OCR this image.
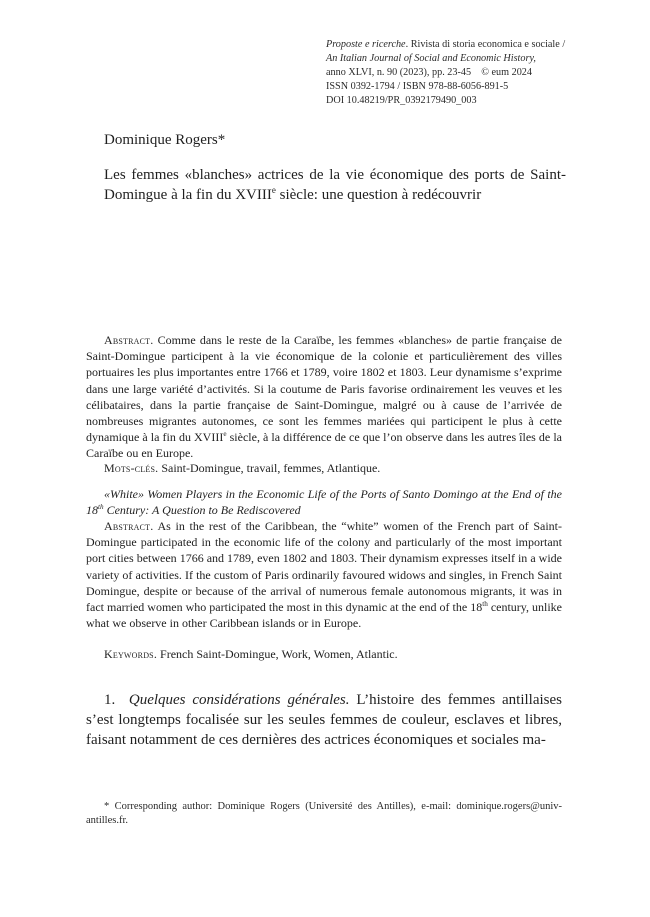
Proposte e ricerche. Rivista di storia economica e sociale /
An Italian Journal of Social and Economic History,
anno XLVI, n. 90 (2023), pp. 23-45    © eum 2024
ISSN 0392-1794 / ISBN 978-88-6056-891-5
DOI 10.48219/PR_0392179490_003
Dominique Rogers*
Les femmes «blanches» actrices de la vie économique des ports de Saint-Domingue à la fin du XVIIIe siècle: une question à redécouvrir
Abstract. Comme dans le reste de la Caraïbe, les femmes «blanches» de partie française de Saint-Domingue participent à la vie économique de la colonie et particulièrement des villes portuaires les plus importantes entre 1766 et 1789, voire 1802 et 1803. Leur dynamisme s’exprime dans une large variété d’activités. Si la coutume de Paris favorise ordinairement les veuves et les célibataires, dans la partie française de Saint-Domingue, malgré ou à cause de l’arrivée de nombreuses migrantes autonomes, ce sont les femmes mariées qui participent le plus à cette dynamique à la fin du XVIIIe siècle, à la différence de ce que l’on observe dans les autres îles de la Caraïbe ou en Europe.
Mots-clés. Saint-Domingue, travail, femmes, Atlantique.
«White» Women Players in the Economic Life of the Ports of Santo Domingo at the End of the 18th Century: A Question to Be Rediscovered
Abstract. As in the rest of the Caribbean, the “white” women of the French part of Saint-Domingue participated in the economic life of the colony and particularly of the most important port cities between 1766 and 1789, even 1802 and 1803. Their dynamism expresses itself in a wide variety of activities. If the custom of Paris ordinarily favoured widows and singles, in French Saint Domingue, despite or because of the arrival of numerous female autonomous migrants, it was in fact married women who participated the most in this dynamic at the end of the 18th century, unlike what we observe in other Caribbean islands or in Europe.
Keywords. French Saint-Domingue, Work, Women, Atlantic.
1. Quelques considérations générales. L’histoire des femmes antillaises s’est longtemps focalisée sur les seules femmes de couleur, esclaves et libres, faisant notamment de ces dernières des actrices économiques et sociales ma-
* Corresponding author: Dominique Rogers (Université des Antilles), e-mail: dominique.rogers@univ-antilles.fr.
